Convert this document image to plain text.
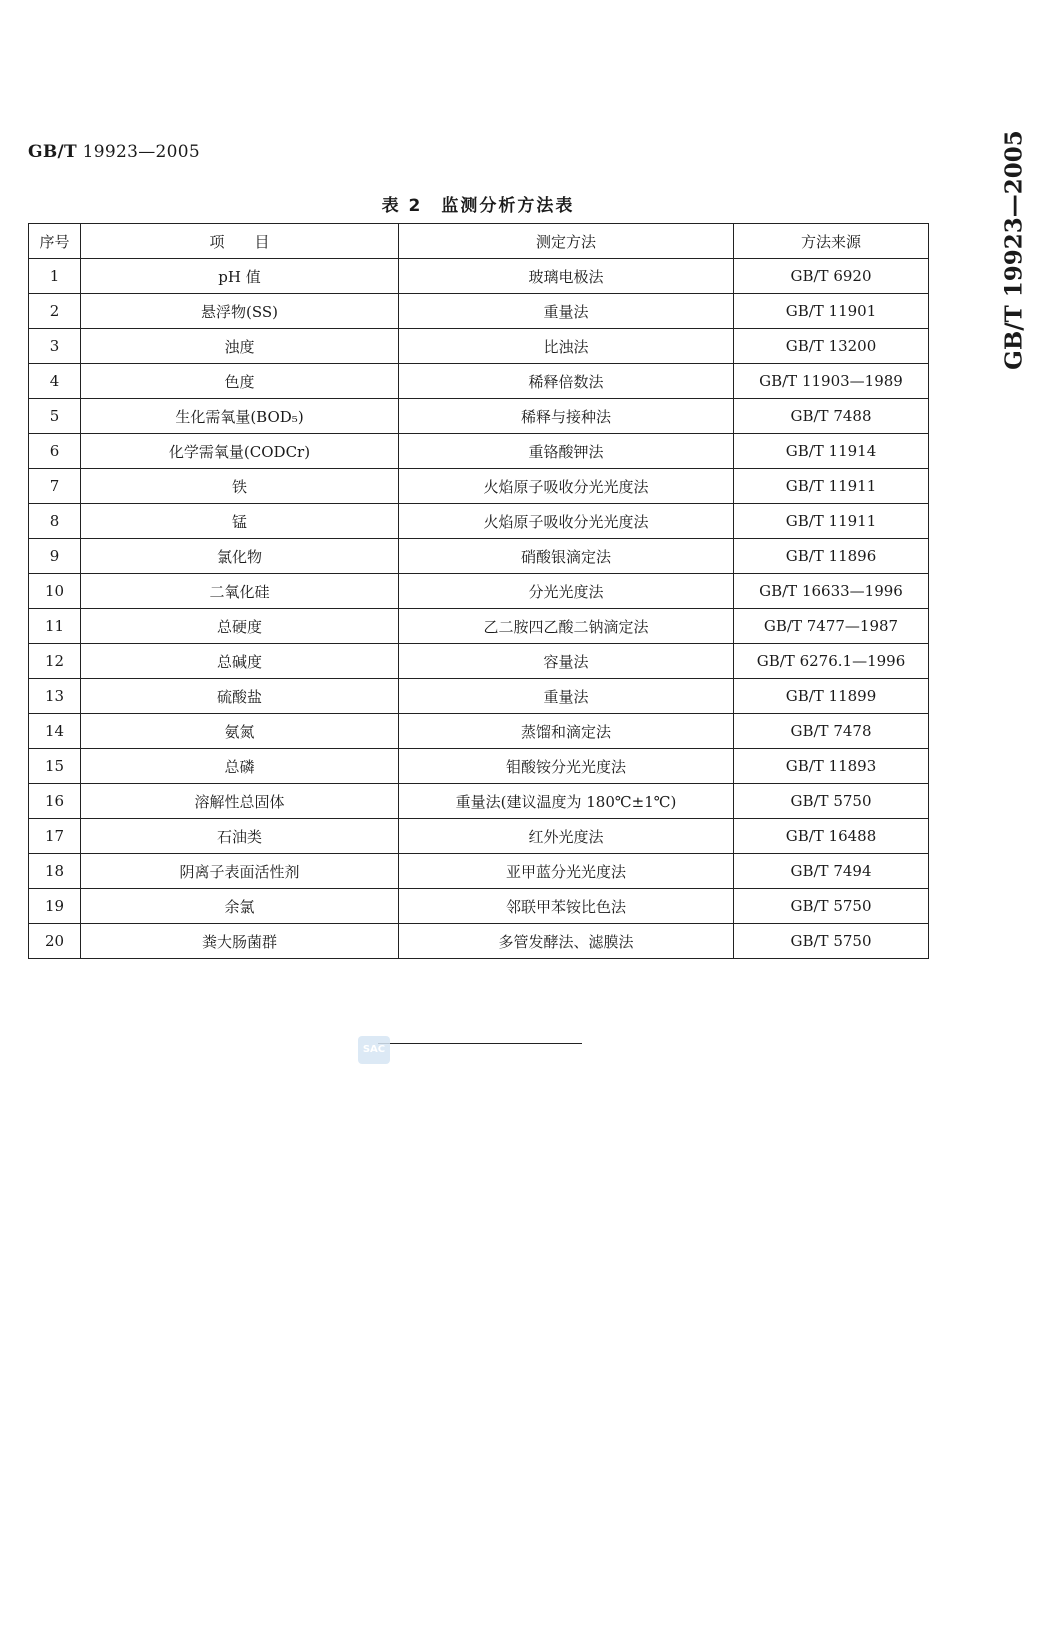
GB/T 19923—2005	GB/T 19923—2005
表 2　监测分析方法表
序号	项　　目	测定方法	方法来源
1	pH 值	玻璃电极法	GB/T 6920
2	悬浮物(SS)	重量法	GB/T 11901
3	浊度	比浊法	GB/T 13200
4	色度	稀释倍数法	GB/T 11903—1989
5	生化需氧量(BOD₅)	稀释与接种法	GB/T 7488
6	化学需氧量(CODCr)	重铬酸钾法	GB/T 11914
7	铁	火焰原子吸收分光光度法	GB/T 11911
8	锰	火焰原子吸收分光光度法	GB/T 11911
9	氯化物	硝酸银滴定法	GB/T 11896
10	二氧化硅	分光光度法	GB/T 16633—1996
11	总硬度	乙二胺四乙酸二钠滴定法	GB/T 7477—1987
12	总碱度	容量法	GB/T 6276.1—1996
13	硫酸盐	重量法	GB/T 11899
14	氨氮	蒸馏和滴定法	GB/T 7478
15	总磷	钼酸铵分光光度法	GB/T 11893
16	溶解性总固体	重量法(建议温度为 180℃±1℃)	GB/T 5750
17	石油类	红外光度法	GB/T 16488
18	阴离子表面活性剂	亚甲蓝分光光度法	GB/T 7494
19	余氯	邻联甲苯铵比色法	GB/T 5750
20	粪大肠菌群	多管发酵法、滤膜法	GB/T 5750
SAC
